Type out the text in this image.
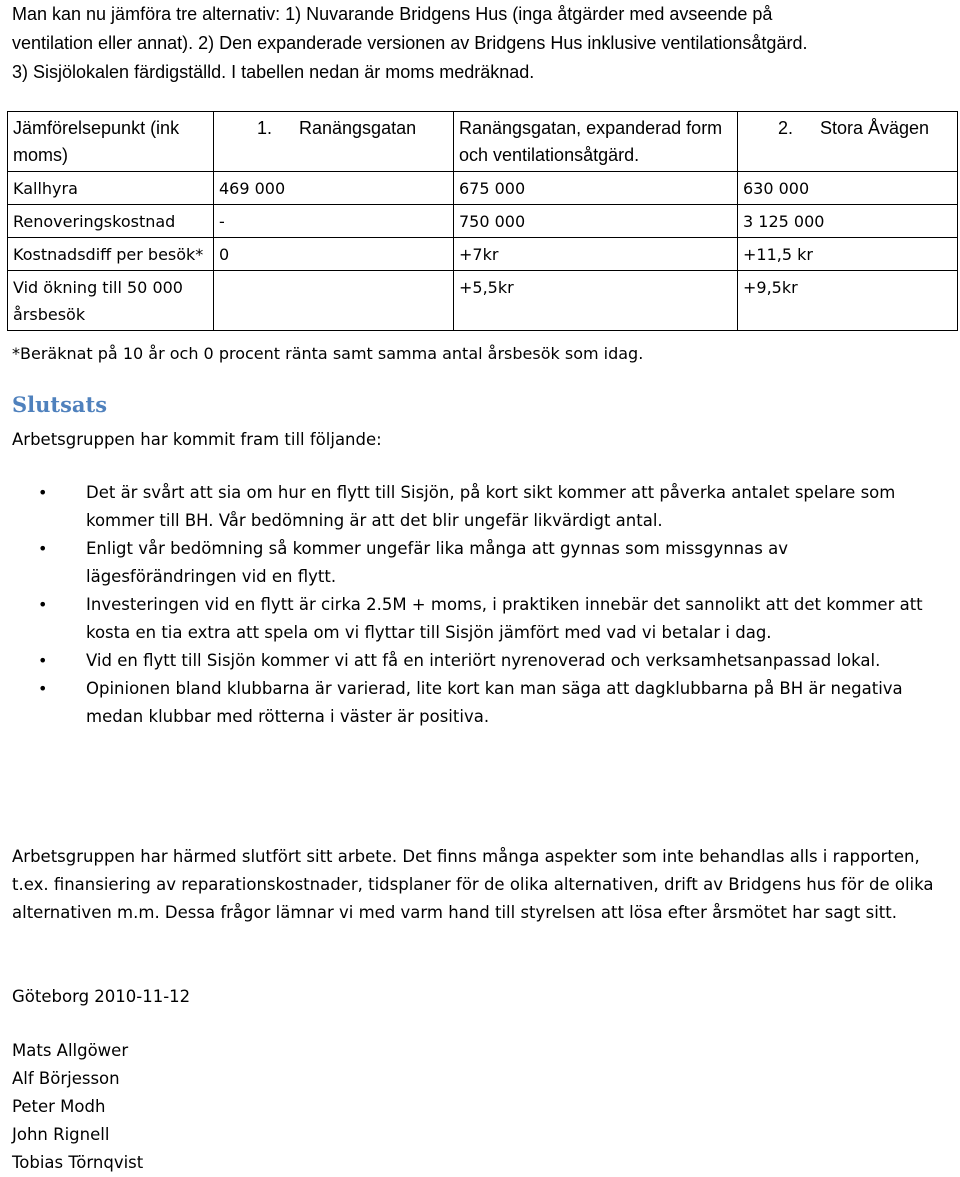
Man kan nu jämföra tre alternativ: 1) Nuvarande Bridgens Hus (inga åtgärder med avseende på

ventilation eller annat). 2) Den expanderade versionen av Bridgens Hus inklusive ventilationsåtgärd.

3) Sisjölokalen färdigställd. I tabellen nedan är moms medräknad.

Jämförelsepunkt (ink moms)	1. Ranängsgatan	Ranängsgatan, expanderad form och ventilationsåtgärd.	2. Stora Åvägen
Kallhyra	469 000	675 000	630 000
Renoveringskostnad	-	750 000	3 125 000
Kostnadsdiff per besök*	0	+7kr	+11,5 kr
Vid ökning till 50 000 årsbesök		+5,5kr	+9,5kr
*Beräknat på 10 år och 0 procent ränta samt samma antal årsbesök som idag.
Slutsats

Arbetsgruppen har kommit fram till följande:

• Det är svårt att sia om hur en flytt till Sisjön, på kort sikt kommer att påverka antalet spelare som kommer till BH. Vår bedömning är att det blir ungefär likvärdigt antal.
• Enligt vår bedömning så kommer ungefär lika många att gynnas som missgynnas av lägesförändringen vid en flytt.
• Investeringen vid en flytt är cirka 2.5M + moms, i praktiken innebär det sannolikt att det kommer att kosta en tia extra att spela om vi flyttar till Sisjön jämfört med vad vi betalar i dag.
• Vid en flytt till Sisjön kommer vi att få en interiört nyrenoverad och verksamhetsanpassad lokal.
• Opinionen bland klubbarna är varierad, lite kort kan man säga att dagklubbarna på BH är negativa medan klubbar med rötterna i väster är positiva.

Arbetsgruppen har härmed slutfört sitt arbete. Det finns många aspekter som inte behandlas alls i rapporten, t.ex. finansiering av reparationskostnader, tidsplaner för de olika alternativen, drift av Bridgens hus för de olika alternativen m.m. Dessa frågor lämnar vi med varm hand till styrelsen att lösa efter årsmötet har sagt sitt.

Göteborg 2010-11-12

Mats Allgöwer
Alf Börjesson
Peter Modh
John Rignell
Tobias Törnqvist
